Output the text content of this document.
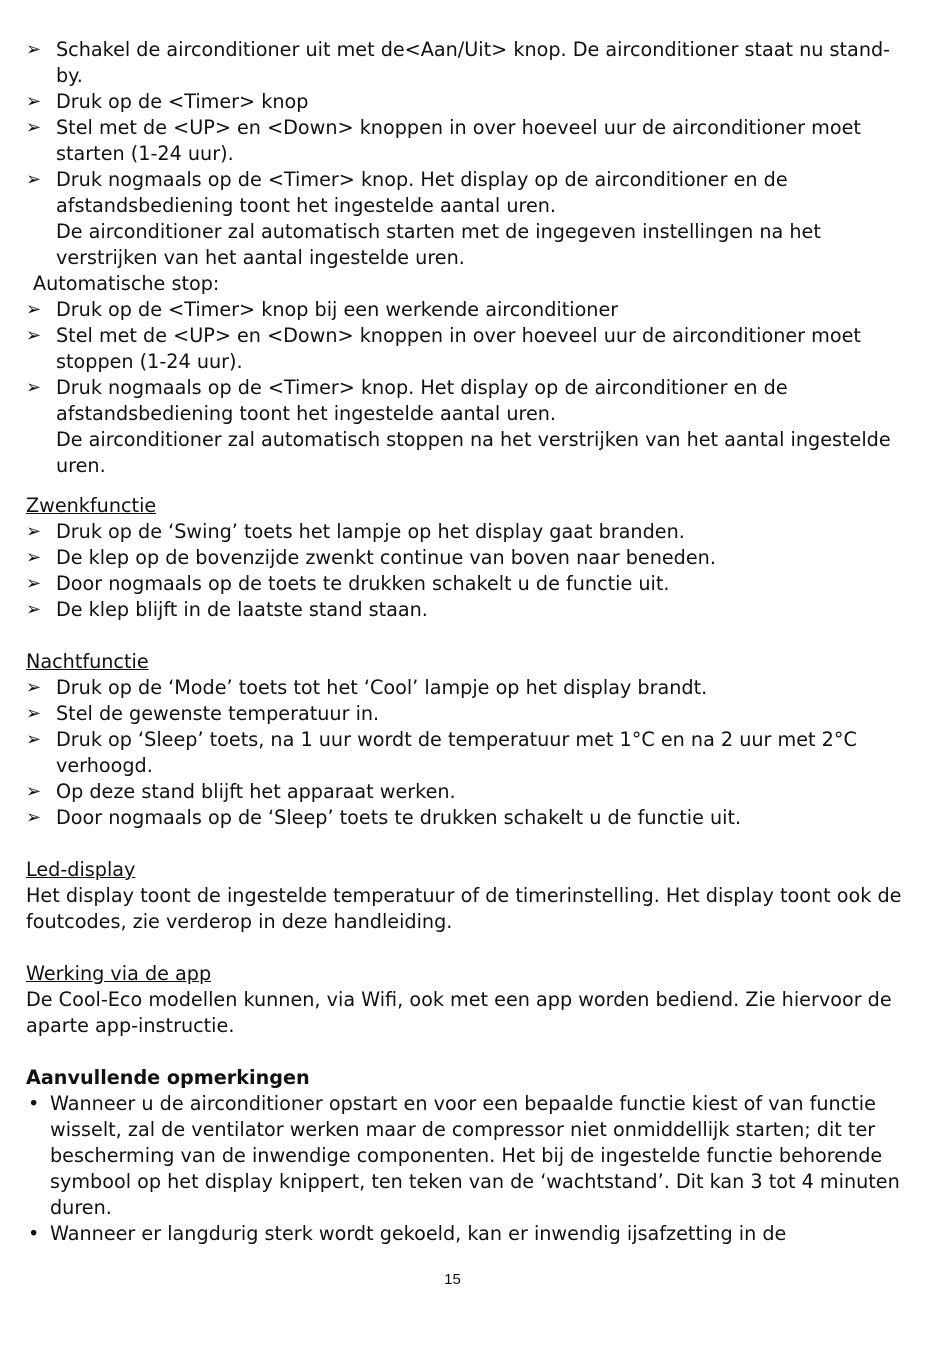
➢ Schakel de airconditioner uit met de<Aan/Uit> knop. De airconditioner staat nu stand-by.
➢ Druk op de <Timer> knop
➢ Stel met de <UP> en <Down> knoppen in over hoeveel uur de airconditioner moet starten (1-24 uur).
➢ Druk nogmaals op de <Timer> knop. Het display op de airconditioner en de afstandsbediening toont het ingestelde aantal uren.
De airconditioner zal automatisch starten met de ingegeven instellingen na het verstrijken van het aantal ingestelde uren.

Automatische stop:

➢ Druk op de <Timer> knop bij een werkende airconditioner
➢ Stel met de <UP> en <Down> knoppen in over hoeveel uur de airconditioner moet stoppen (1-24 uur).
➢ Druk nogmaals op de <Timer> knop. Het display op de airconditioner en de afstandsbediening toont het ingestelde aantal uren.
De airconditioner zal automatisch stoppen na het verstrijken van het aantal ingestelde uren.

Zwenkfunctie

➢ Druk op de ‘Swing’ toets het lampje op het display gaat branden.
➢ De klep op de bovenzijde zwenkt continue van boven naar beneden.
➢ Door nogmaals op de toets te drukken schakelt u de functie uit.
➢ De klep blijft in de laatste stand staan.

Nachtfunctie

➢ Druk op de ‘Mode’ toets tot het ‘Cool’ lampje op het display brandt.
➢ Stel de gewenste temperatuur in.
➢ Druk op ‘Sleep’ toets, na 1 uur wordt de temperatuur met 1°C en na 2 uur met 2°C verhoogd.
➢ Op deze stand blijft het apparaat werken.
➢ Door nogmaals op de ‘Sleep’ toets te drukken schakelt u de functie uit.

Led-display

Het display toont de ingestelde temperatuur of de timerinstelling. Het display toont ook de foutcodes, zie verderop in deze handleiding.

Werking via de app

De Cool-Eco modellen kunnen, via Wifi, ook met een app worden bediend. Zie hiervoor de aparte app-instructie.

Aanvullende opmerkingen

• Wanneer u de airconditioner opstart en voor een bepaalde functie kiest of van functie wisselt, zal de ventilator werken maar de compressor niet onmiddellijk starten; dit ter bescherming van de inwendige componenten. Het bij de ingestelde functie behorende symbool op het display knippert, ten teken van de ‘wachtstand’. Dit kan 3 tot 4 minuten duren.
• Wanneer er langdurig sterk wordt gekoeld, kan er inwendig ijsafzetting in de
15
